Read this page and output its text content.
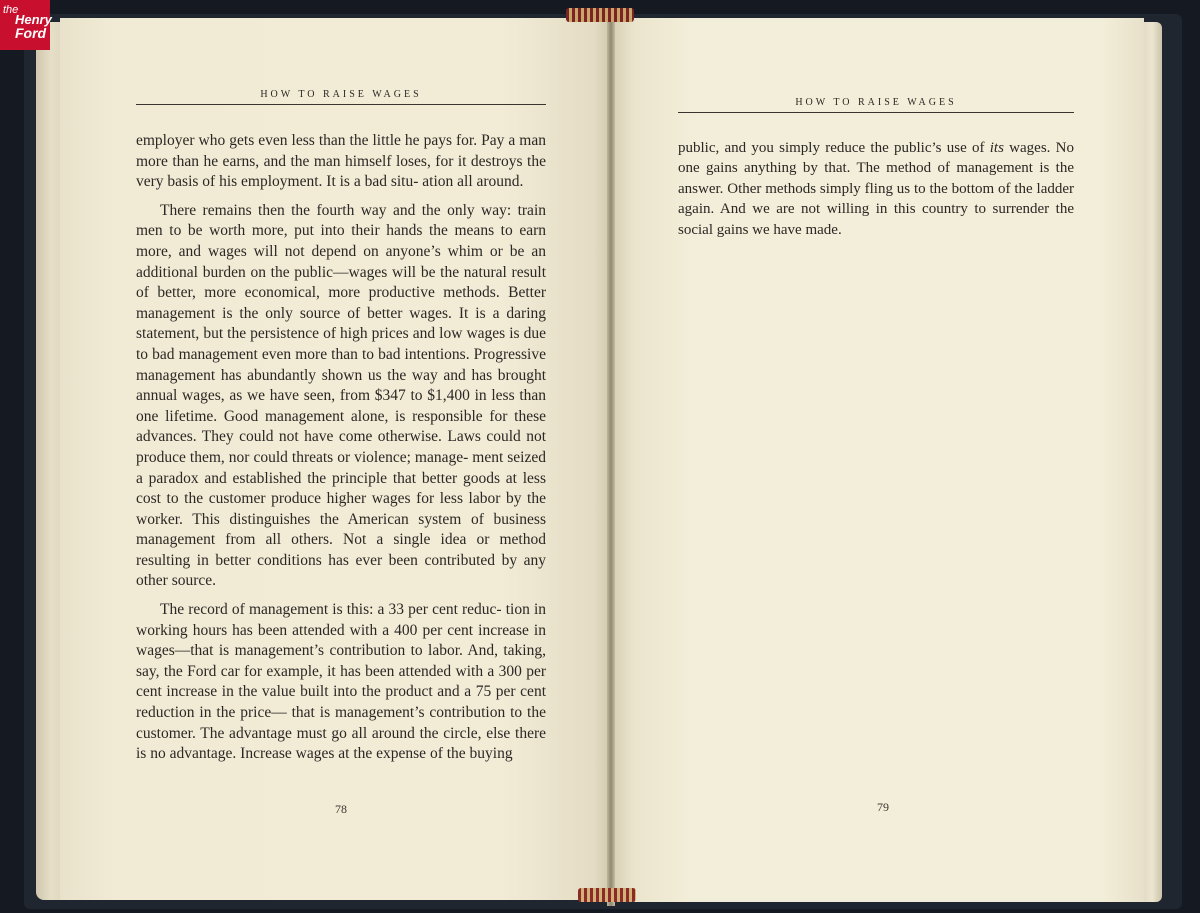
the
Henry
Ford
HOW TO RAISE WAGES

employer who gets even less than the little he pays for. Pay a man more than he earns, and the man himself loses, for it destroys the very basis of his employment. It is a bad situ- ation all around.

There remains then the fourth way and the only way: train men to be worth more, put into their hands the means to earn more, and wages will not depend on anyone’s whim or be an additional burden on the public—wages will be the natural result of better, more economical, more productive methods. Better management is the only source of better wages. It is a daring statement, but the persistence of high prices and low wages is due to bad management even more than to bad intentions. Progressive management has abundantly shown us the way and has brought annual wages, as we have seen, from $347 to $1,400 in less than one lifetime. Good management alone, is responsible for these advances. They could not have come otherwise. Laws could not produce them, nor could threats or violence; manage- ment seized a paradox and established the principle that better goods at less cost to the customer produce higher wages for less labor by the worker. This distinguishes the American system of business management from all others. Not a single idea or method resulting in better conditions has ever been contributed by any other source.

The record of management is this: a 33 per cent reduc- tion in working hours has been attended with a 400 per cent increase in wages—that is management’s contribution to labor. And, taking, say, the Ford car for example, it has been attended with a 300 per cent increase in the value built into the product and a 75 per cent reduction in the price— that is management’s contribution to the customer. The advantage must go all around the circle, else there is no advantage. Increase wages at the expense of the buying

78
HOW TO RAISE WAGES

public, and you simply reduce the public’s use of its wages. No one gains anything by that. The method of management is the answer. Other methods simply fling us to the bottom of the ladder again. And we are not willing in this country to surrender the social gains we have made.

79
